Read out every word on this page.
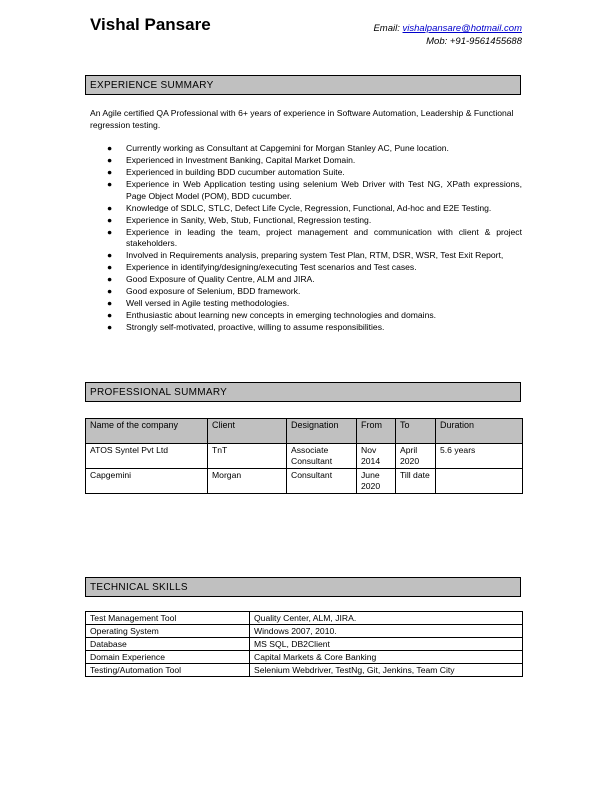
Vishal Pansare	Email: vishalpansare@hotmail.com
Mob: +91-9561455688
EXPERIENCE SUMMARY
An Agile certified QA Professional with 6+ years of experience in Software Automation, Leadership & Functional regression testing.
● Currently working as Consultant at Capgemini for Morgan Stanley AC, Pune location.
● Experienced in Investment Banking, Capital Market Domain.
● Experienced in building BDD cucumber automation Suite.
● Experience in Web Application testing using selenium Web Driver with Test NG, XPath expressions, Page Object Model (POM), BDD cucumber.
● Knowledge of SDLC, STLC, Defect Life Cycle, Regression, Functional, Ad-hoc and E2E Testing.
● Experience in Sanity, Web, Stub, Functional, Regression testing.
● Experience in leading the team, project management and communication with client & project stakeholders.
● Involved in Requirements analysis, preparing system Test Plan, RTM, DSR, WSR, Test Exit Report,
● Experience in identifying/designing/executing Test scenarios and Test cases.
● Good Exposure of Quality Centre, ALM and JIRA.
● Good exposure of Selenium, BDD framework.
● Well versed in Agile testing methodologies.
● Enthusiastic about learning new concepts in emerging technologies and domains.
● Strongly self-motivated, proactive, willing to assume responsibilities.
PROFESSIONAL SUMMARY
Name of the company	Client	Designation	From	To	Duration
ATOS Syntel Pvt Ltd	TnT	Associate Consultant	Nov 2014	April 2020	5.6 years
Capgemini	Morgan	Consultant	June 2020	Till date	
TECHNICAL SKILLS
Test Management Tool	Quality Center, ALM, JIRA.
Operating System	Windows 2007, 2010.
Database	MS SQL, DB2Client
Domain Experience	Capital Markets & Core Banking
Testing/Automation Tool	Selenium Webdriver, TestNg, Git, Jenkins, Team City
